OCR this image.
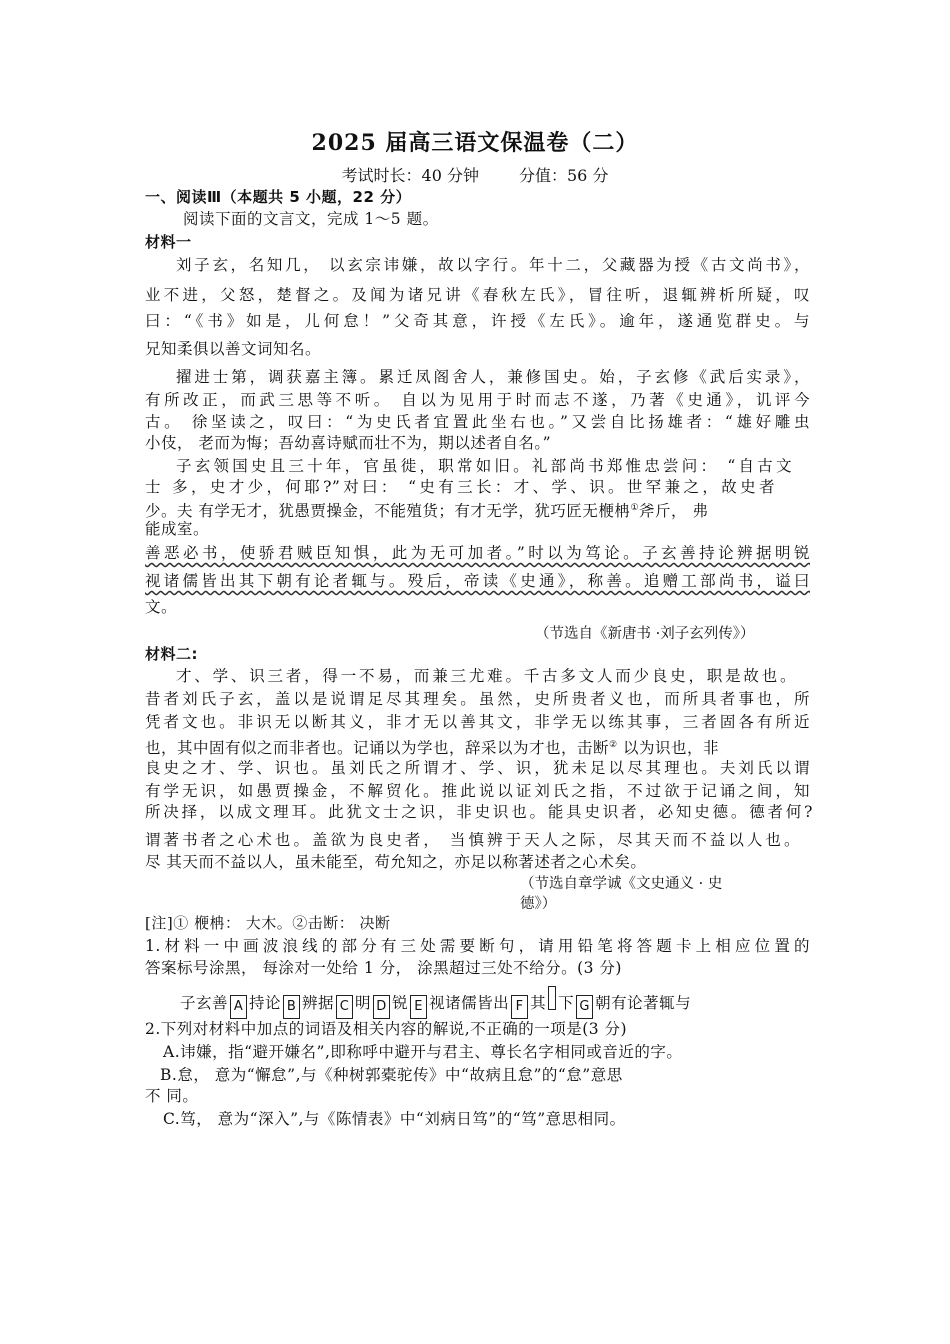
2025 届高三语文保温卷（二）
考试时长：40 分钟	分值：56 分
一、阅读Ⅲ（本题共 5 小题，22 分）
阅读下面的文言文，完成 1～5 题。
材料一
刘子玄，名知几， 以玄宗讳嫌，故以字行。年十二，父藏器为授《古文尚书》，
业不进，父怒，楚督之。及闻为诸兄讲《春秋左氏》，冒往听，退辄辨析所疑，叹
曰：“《书》如是，儿何怠！”父奇其意，许授《左氏》。逾年，遂通览群史。与
兄知柔俱以善文词知名。
擢进士第，调获嘉主簿。累迁凤阁舍人，兼修国史。始，子玄修《武后实录》，
有所改正，而武三思等不听。 自以为见用于时而志不遂，乃著《史通》，讥评今
古。 徐坚读之，叹曰：“为史氏者宜置此坐右也。”又尝自比扬雄者：“雄好雕虫
小伎， 老而为悔；吾幼喜诗赋而壮不为，期以述者自名。”
子玄领国史且三十年，官虽徙，职常如旧。礼部尚书郑惟忠尝问： “自古文
士 多，史才少，何耶?”对曰： “史有三长：才、学、识。世罕兼之，故史者
少。夫 有学无才，犹愚贾操金，不能殖货；有才无学，犹巧匠无楩柟①斧斤， 弗
能成室。
善恶必书，使骄君贼臣知惧，此为无可加者。”时以为笃论。子玄善持论辨据明锐
视诸儒皆出其下朝有论者辄与。殁后，帝读《史通》，称善。追赠工部尚书，谥曰
文。
（节选自《新唐书 ·刘子玄列传》）
材料二:
才、学、识三者，得一不易，而兼三尤难。千古多文人而少良史，职是故也。
昔者刘氏子玄，盖以是说谓足尽其理矣。虽然，史所贵者义也，而所具者事也，所
凭者文也。非识无以断其义，非才无以善其文，非学无以练其事，三者固各有所近
也，其中固有似之而非者也。记诵以为学也，辞采以为才也，击断② 以为识也，非
良史之才、学、识也。虽刘氏之所谓才、学、识，犹未足以尽其理也。夫刘氏以谓
有学无识，如愚贾操金，不解贸化。推此说以证刘氏之指，不过欲于记诵之间，知
所决择，以成文理耳。此犹文士之识，非史识也。能具史识者，必知史德。德者何?
谓著书者之心术也。盖欲为良史者， 当慎辨于天人之际，尽其天而不益以人也。
尽 其天而不益以人，虽未能至，苟允知之，亦足以称著述者之心术矣。
（节选自章学诚《文史通义 · 史
德》）
[注]① 楩柟： 大木。②击断： 决断
1.材料一中画波浪线的部分有三处需要断句，请用铅笔将答题卡上相应位置的
答案标号涂黑， 每涂对一处给 1 分， 涂黑超过三处不给分。(3 分)
子玄善 A 持论 B 辨据 C 明 D 锐 E 视诸儒皆出 F 其 下 G 朝有论著辄与
2.下列对材料中加点的词语及相关内容的解说,不正确的一项是(3 分)
A.讳嫌，指“避开嫌名”,即称呼中避开与君主、尊长名字相同或音近的字。
B.怠， 意为“懈怠”,与《种树郭橐驼传》中“故病且怠”的“怠”意思
不 同。
C.笃， 意为“深入”,与《陈情表》中“刘病日笃”的“笃”意思相同。
